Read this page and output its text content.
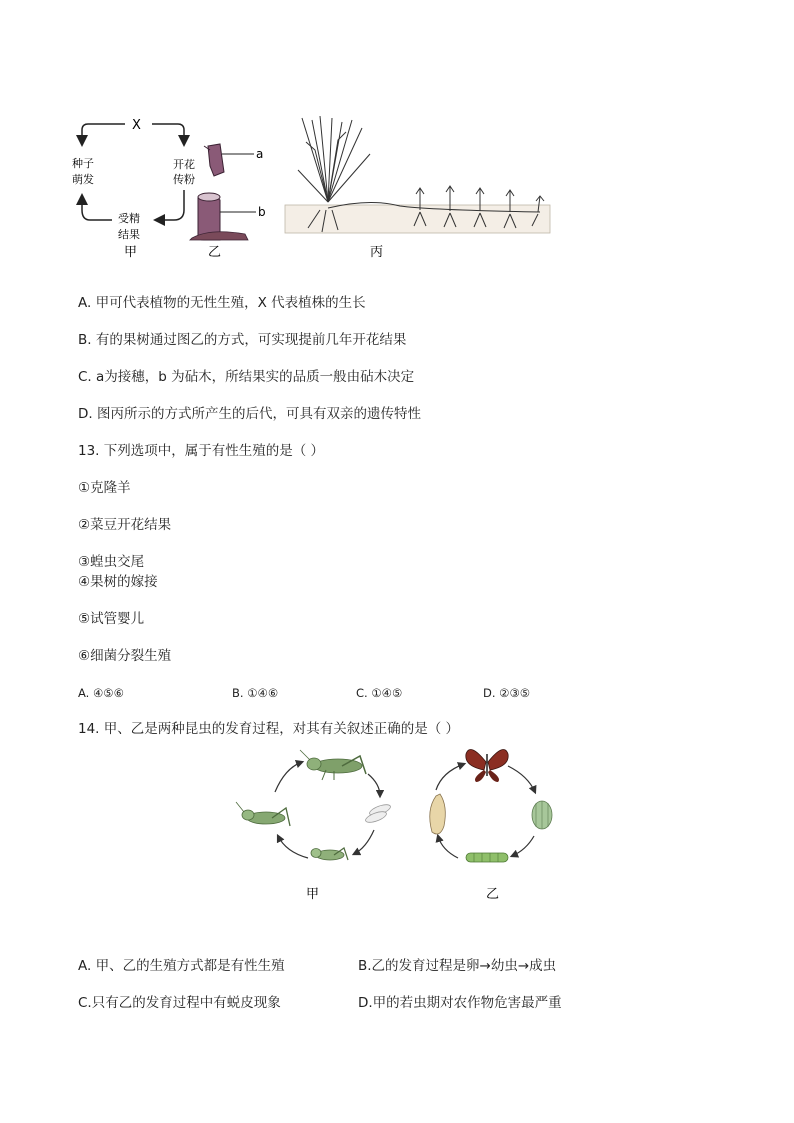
X
开花
传粉
种子
萌发
受精
结果
甲
a
b
乙	丙
A. 甲可代表植物的无性生殖，X 代表植株的生长
B. 有的果树通过图乙的方式，可实现提前几年开花结果
C. a为接穗，b 为砧木，所结果实的品质一般由砧木决定
D. 图丙所示的方式所产生的后代，可具有双亲的遗传特性
13. 下列选项中，属于有性生殖的是（ ）
①克隆羊
②菜豆开花结果
③蝗虫交尾
④果树的嫁接
⑤试管婴儿
⑥细菌分裂生殖
A. ④⑤⑥	B. ①④⑥	C. ①④⑤	D. ②③⑤
14. 甲、乙是两种昆虫的发育过程，对其有关叙述正确的是（ ）
甲	乙
A. 甲、乙的生殖方式都是有性生殖	B.乙的发育过程是卵→幼虫→成虫
C.只有乙的发育过程中有蜕皮现象	D.甲的若虫期对农作物危害最严重
